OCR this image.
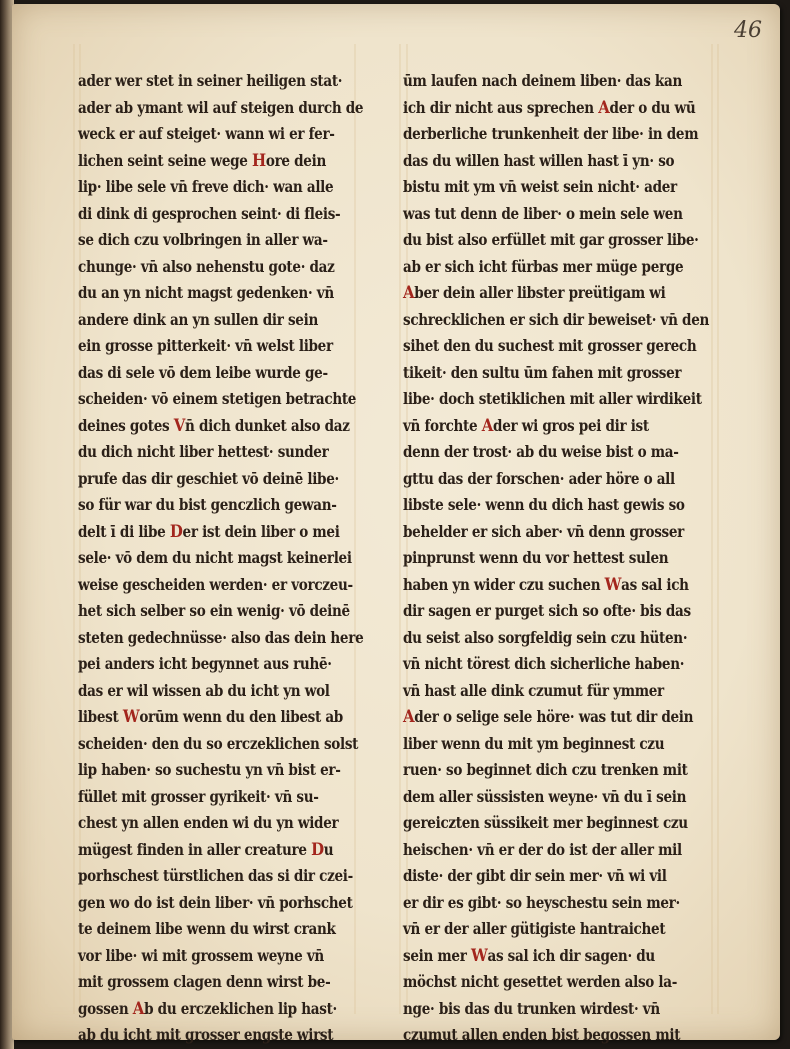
46
ader wer stet in seiner heiligen stat·
ader ab ymant wil auf steigen durch de
weck er auf steiget· wann wi er fer-
lichen seint seine wege Hore dein
lip· libe sele vn̄ freve dich· wan alle
di dink di gesprochen seint· di fleis-
se dich czu volbringen in aller wa-
chunge· vn̄ also nehenstu gote· daz
du an yn nicht magst gedenken· vn̄
andere dink an yn sullen dir sein
ein grosse pitterkeit· vn̄ welst liber
das di sele vō dem leibe wurde ge-
scheiden· vō einem stetigen betrachte
deines gotes Vn̄ dich dunket also daz
du dich nicht liber hettest· sunder
prufe das dir geschiet vō deinē libe·
so für war du bist genczlich gewan-
delt ī di libe Der ist dein liber o mei
sele· vō dem du nicht magst keinerlei
weise gescheiden werden· er vorczeu-
het sich selber so ein wenig· vō deinē
steten gedechnüsse· also das dein here
pei anders icht begynnet aus ruhē·
das er wil wissen ab du icht yn wol
libest Worūm wenn du den libest ab
scheiden· den du so erczeklichen solst
lip haben· so suchestu yn vn̄ bist er-
füllet mit grosser gyrikeit· vn̄ su-
chest yn allen enden wi du yn wider
mügest finden in aller creature Du
porhschest türstlichen das si dir czei-
gen wo do ist dein liber· vn̄ porhschet
te deinem libe wenn du wirst crank
vor libe· wi mit grossem weyne vn̄
mit grossem clagen denn wirst be-
gossen Ab du erczeklichen lip hast·
ab du icht mit grosser engste wirst
ūm laufen nach deinem liben· das kan
ich dir nicht aus sprechen Ader o du wū
derberliche trunkenheit der libe· in dem
das du willen hast willen hast ī yn· so
bistu mit ym vn̄ weist sein nicht· ader
was tut denn de liber· o mein sele wen
du bist also erfüllet mit gar grosser libe·
ab er sich icht fürbas mer müge perge
Aber dein aller libster preütigam wi
schrecklichen er sich dir beweiset· vn̄ den
sihet den du suchest mit grosser gerech
tikeit· den sultu ūm fahen mit grosser
libe· doch stetiklichen mit aller wirdikeit
vn̄ forchte Ader wi gros pei dir ist
denn der trost· ab du weise bist o ma-
gttu das der forschen· ader höre o all
libste sele· wenn du dich hast gewis so
behelder er sich aber· vn̄ denn grosser
pinprunst wenn du vor hettest sulen
haben yn wider czu suchen Was sal ich
dir sagen er purget sich so ofte· bis das
du seist also sorgfeldig sein czu hüten·
vn̄ nicht törest dich sicherliche haben·
vn̄ hast alle dink czumut für ymmer
Ader o selige sele höre· was tut dir dein
liber wenn du mit ym beginnest czu
ruen· so beginnet dich czu trenken mit
dem aller süssisten weyne· vn̄ du ī sein
gereiczten süssikeit mer beginnest czu
heischen· vn̄ er der do ist der aller mil
diste· der gibt dir sein mer· vn̄ wi vil
er dir es gibt· so heyschestu sein mer·
vn̄ er der aller gütigiste hantraichet
sein mer Was sal ich dir sagen· du
möchst nicht gesettet werden also la-
nge· bis das du trunken wirdest· vn̄
czumut allen enden bist begossen mit
